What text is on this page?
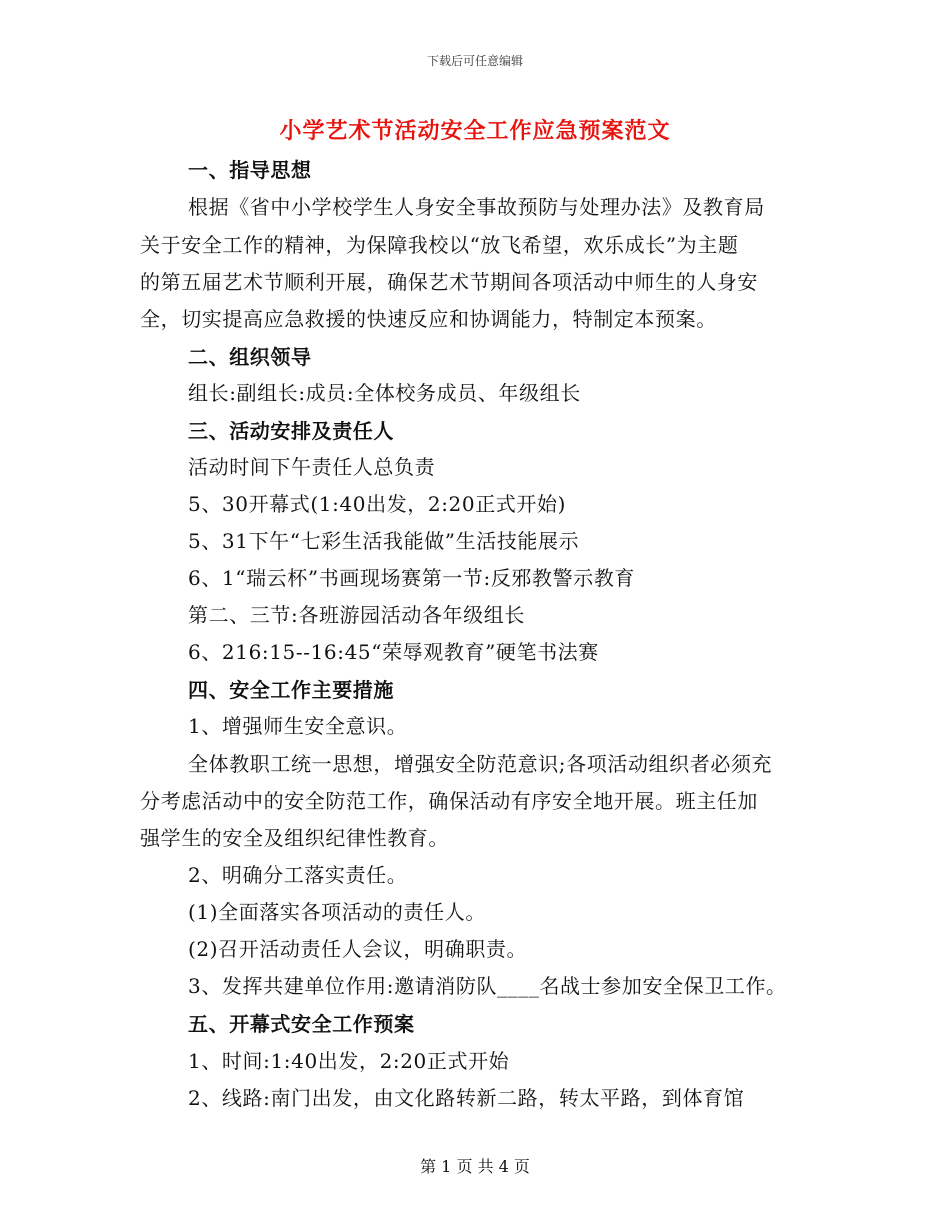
下载后可任意编辑
小学艺术节活动安全工作应急预案范文
一、指导思想
根据《省中小学校学生人身安全事故预防与处理办法》及教育局
关于安全工作的精神，为保障我校以“放飞希望，欢乐成长”为主题
的第五届艺术节顺利开展，确保艺术节期间各项活动中师生的人身安
全，切实提高应急救援的快速反应和协调能力，特制定本预案。
二、组织领导
组长:副组长:成员:全体校务成员、年级组长
三、活动安排及责任人
活动时间下午责任人总负责
5、30开幕式(1:40出发，2:20正式开始)
5、31下午“七彩生活我能做”生活技能展示
6、1“瑞云杯”书画现场赛第一节:反邪教警示教育
第二、三节:各班游园活动各年级组长
6、216:15--16:45“荣辱观教育”硬笔书法赛
四、安全工作主要措施
1、增强师生安全意识。
全体教职工统一思想，增强安全防范意识;各项活动组织者必须充
分考虑活动中的安全防范工作，确保活动有序安全地开展。班主任加
强学生的安全及组织纪律性教育。
2、明确分工落实责任。
(1)全面落实各项活动的责任人。
(2)召开活动责任人会议，明确职责。
3、发挥共建单位作用:邀请消防队____名战士参加安全保卫工作。
五、开幕式安全工作预案
1、时间:1:40出发，2:20正式开始
2、线路:南门出发，由文化路转新二路，转太平路，到体育馆
第 1 页 共 4 页
